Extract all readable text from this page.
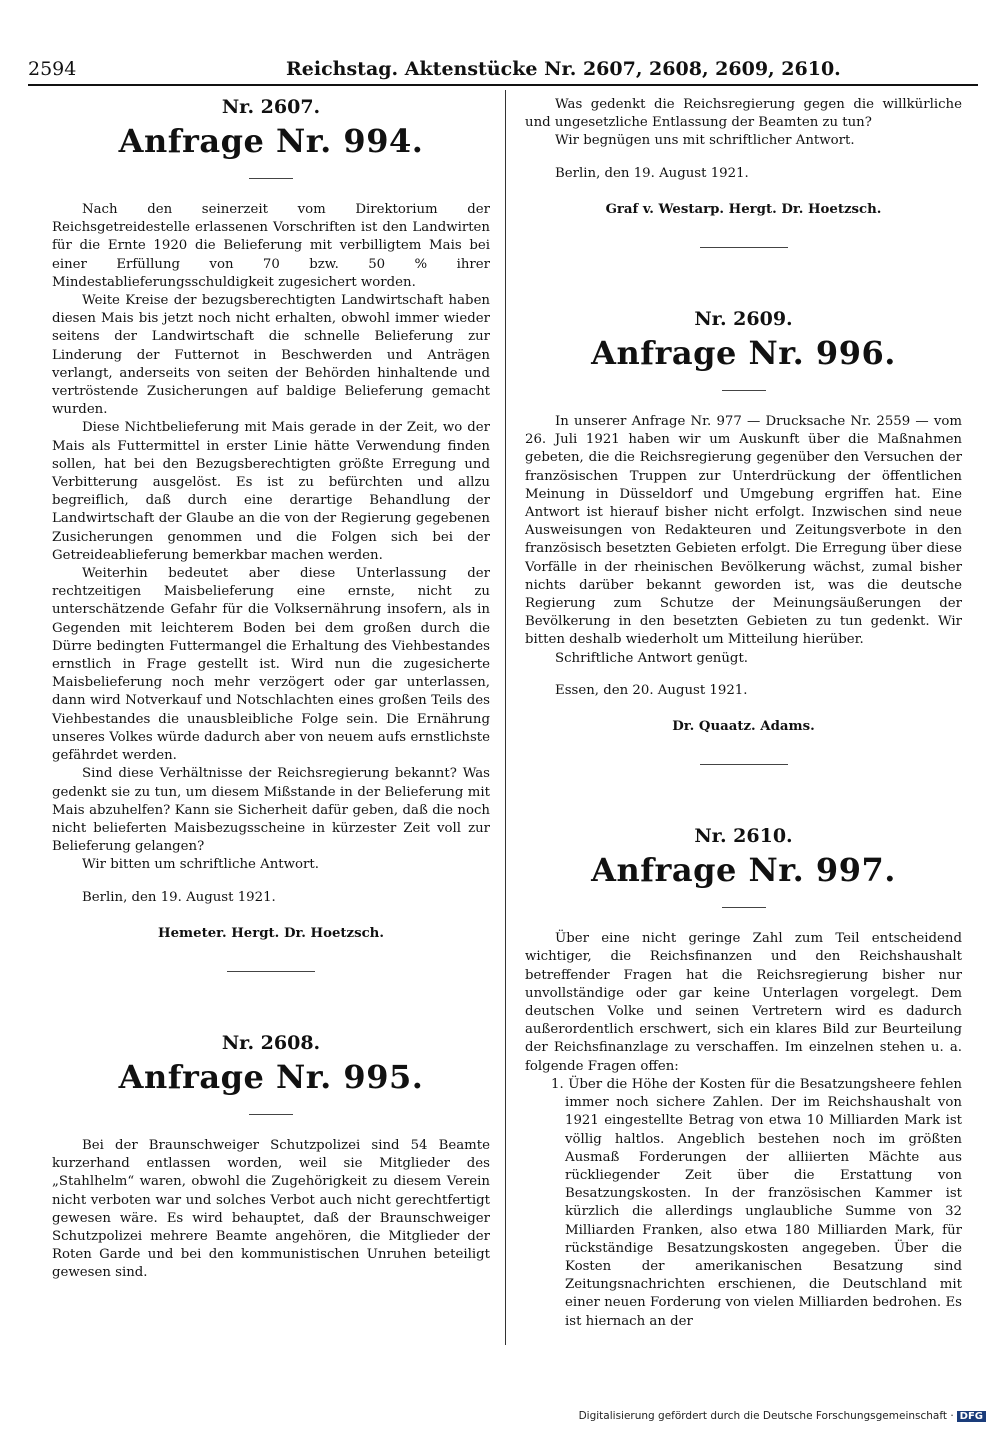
2594	Reichstag. Aktenstücke Nr. 2607, 2608, 2609, 2610.
Nr. 2607.
Anfrage Nr. 994.

Nach den seinerzeit vom Direktorium der Reichsgetreidestelle erlassenen Vorschriften ist den Landwirten für die Ernte 1920 die Belieferung mit verbilligtem Mais bei einer Erfüllung von 70 bzw. 50 % ihrer Mindestablieferungsschuldigkeit zugesichert worden.

Weite Kreise der bezugsberechtigten Landwirtschaft haben diesen Mais bis jetzt noch nicht erhalten, obwohl immer wieder seitens der Landwirtschaft die schnelle Belieferung zur Linderung der Futternot in Beschwerden und Anträgen verlangt, anderseits von seiten der Behörden hinhaltende und vertröstende Zusicherungen auf baldige Belieferung gemacht wurden.

Diese Nichtbelieferung mit Mais gerade in der Zeit, wo der Mais als Futtermittel in erster Linie hätte Verwendung finden sollen, hat bei den Bezugsberechtigten größte Erregung und Verbitterung ausgelöst. Es ist zu befürchten und allzu begreiflich, daß durch eine derartige Behandlung der Landwirtschaft der Glaube an die von der Regierung gegebenen Zusicherungen genommen und die Folgen sich bei der Getreideablieferung bemerkbar machen werden.

Weiterhin bedeutet aber diese Unterlassung der rechtzeitigen Maisbelieferung eine ernste, nicht zu unterschätzende Gefahr für die Volksernährung insofern, als in Gegenden mit leichterem Boden bei dem großen durch die Dürre bedingten Futtermangel die Erhaltung des Viehbestandes ernstlich in Frage gestellt ist. Wird nun die zugesicherte Maisbelieferung noch mehr verzögert oder gar unterlassen, dann wird Notverkauf und Notschlachten eines großen Teils des Viehbestandes die unausbleibliche Folge sein. Die Ernährung unseres Volkes würde dadurch aber von neuem aufs ernstlichste gefährdet werden.

Sind diese Verhältnisse der Reichsregierung bekannt? Was gedenkt sie zu tun, um diesem Mißstande in der Belieferung mit Mais abzuhelfen? Kann sie Sicherheit dafür geben, daß die noch nicht belieferten Maisbezugsscheine in kürzester Zeit voll zur Belieferung gelangen?

Wir bitten um schriftliche Antwort.

Berlin, den 19. August 1921.

Hemeter. Hergt. Dr. Hoetzsch.

Nr. 2608.
Anfrage Nr. 995.

Bei der Braunschweiger Schutzpolizei sind 54 Beamte kurzerhand entlassen worden, weil sie Mitglieder des „Stahlhelm“ waren, obwohl die Zugehörigkeit zu diesem Verein nicht verboten war und solches Verbot auch nicht gerechtfertigt gewesen wäre. Es wird behauptet, daß der Braunschweiger Schutzpolizei mehrere Beamte angehören, die Mitglieder der Roten Garde und bei den kommunistischen Unruhen beteiligt gewesen sind.

Was gedenkt die Reichsregierung gegen die willkürliche und ungesetzliche Entlassung der Beamten zu tun?

Wir begnügen uns mit schriftlicher Antwort.

Berlin, den 19. August 1921.

Graf v. Westarp. Hergt. Dr. Hoetzsch.

Nr. 2609.
Anfrage Nr. 996.

In unserer Anfrage Nr. 977 — Drucksache Nr. 2559 — vom 26. Juli 1921 haben wir um Auskunft über die Maßnahmen gebeten, die die Reichsregierung gegenüber den Versuchen der französischen Truppen zur Unterdrückung der öffentlichen Meinung in Düsseldorf und Umgebung ergriffen hat. Eine Antwort ist hierauf bisher nicht erfolgt. Inzwischen sind neue Ausweisungen von Redakteuren und Zeitungsverbote in den französisch besetzten Gebieten erfolgt. Die Erregung über diese Vorfälle in der rheinischen Bevölkerung wächst, zumal bisher nichts darüber bekannt geworden ist, was die deutsche Regierung zum Schutze der Meinungsäußerungen der Bevölkerung in den besetzten Gebieten zu tun gedenkt. Wir bitten deshalb wiederholt um Mitteilung hierüber.

Schriftliche Antwort genügt.

Essen, den 20. August 1921.

Dr. Quaatz. Adams.

Nr. 2610.
Anfrage Nr. 997.

Über eine nicht geringe Zahl zum Teil entscheidend wichtiger, die Reichsfinanzen und den Reichshaushalt betreffender Fragen hat die Reichsregierung bisher nur unvollständige oder gar keine Unterlagen vorgelegt. Dem deutschen Volke und seinen Vertretern wird es dadurch außerordentlich erschwert, sich ein klares Bild zur Beurteilung der Reichsfinanzlage zu verschaffen. Im einzelnen stehen u. a. folgende Fragen offen:

1. Über die Höhe der Kosten für die Besatzungsheere fehlen immer noch sichere Zahlen. Der im Reichshaushalt von 1921 eingestellte Betrag von etwa 10 Milliarden Mark ist völlig haltlos. Angeblich bestehen noch im größten Ausmaß Forderungen der alliierten Mächte aus rückliegender Zeit über die Erstattung von Besatzungskosten. In der französischen Kammer ist kürzlich die allerdings unglaubliche Summe von 32 Milliarden Franken, also etwa 180 Milliarden Mark, für rückständige Besatzungskosten angegeben. Über die Kosten der amerikanischen Besatzung sind Zeitungsnachrichten erschienen, die Deutschland mit einer neuen Forderung von vielen Milliarden bedrohen. Es ist hiernach an der

Digitalisierung gefördert durch die Deutsche Forschungsgemeinschaft · DFG
